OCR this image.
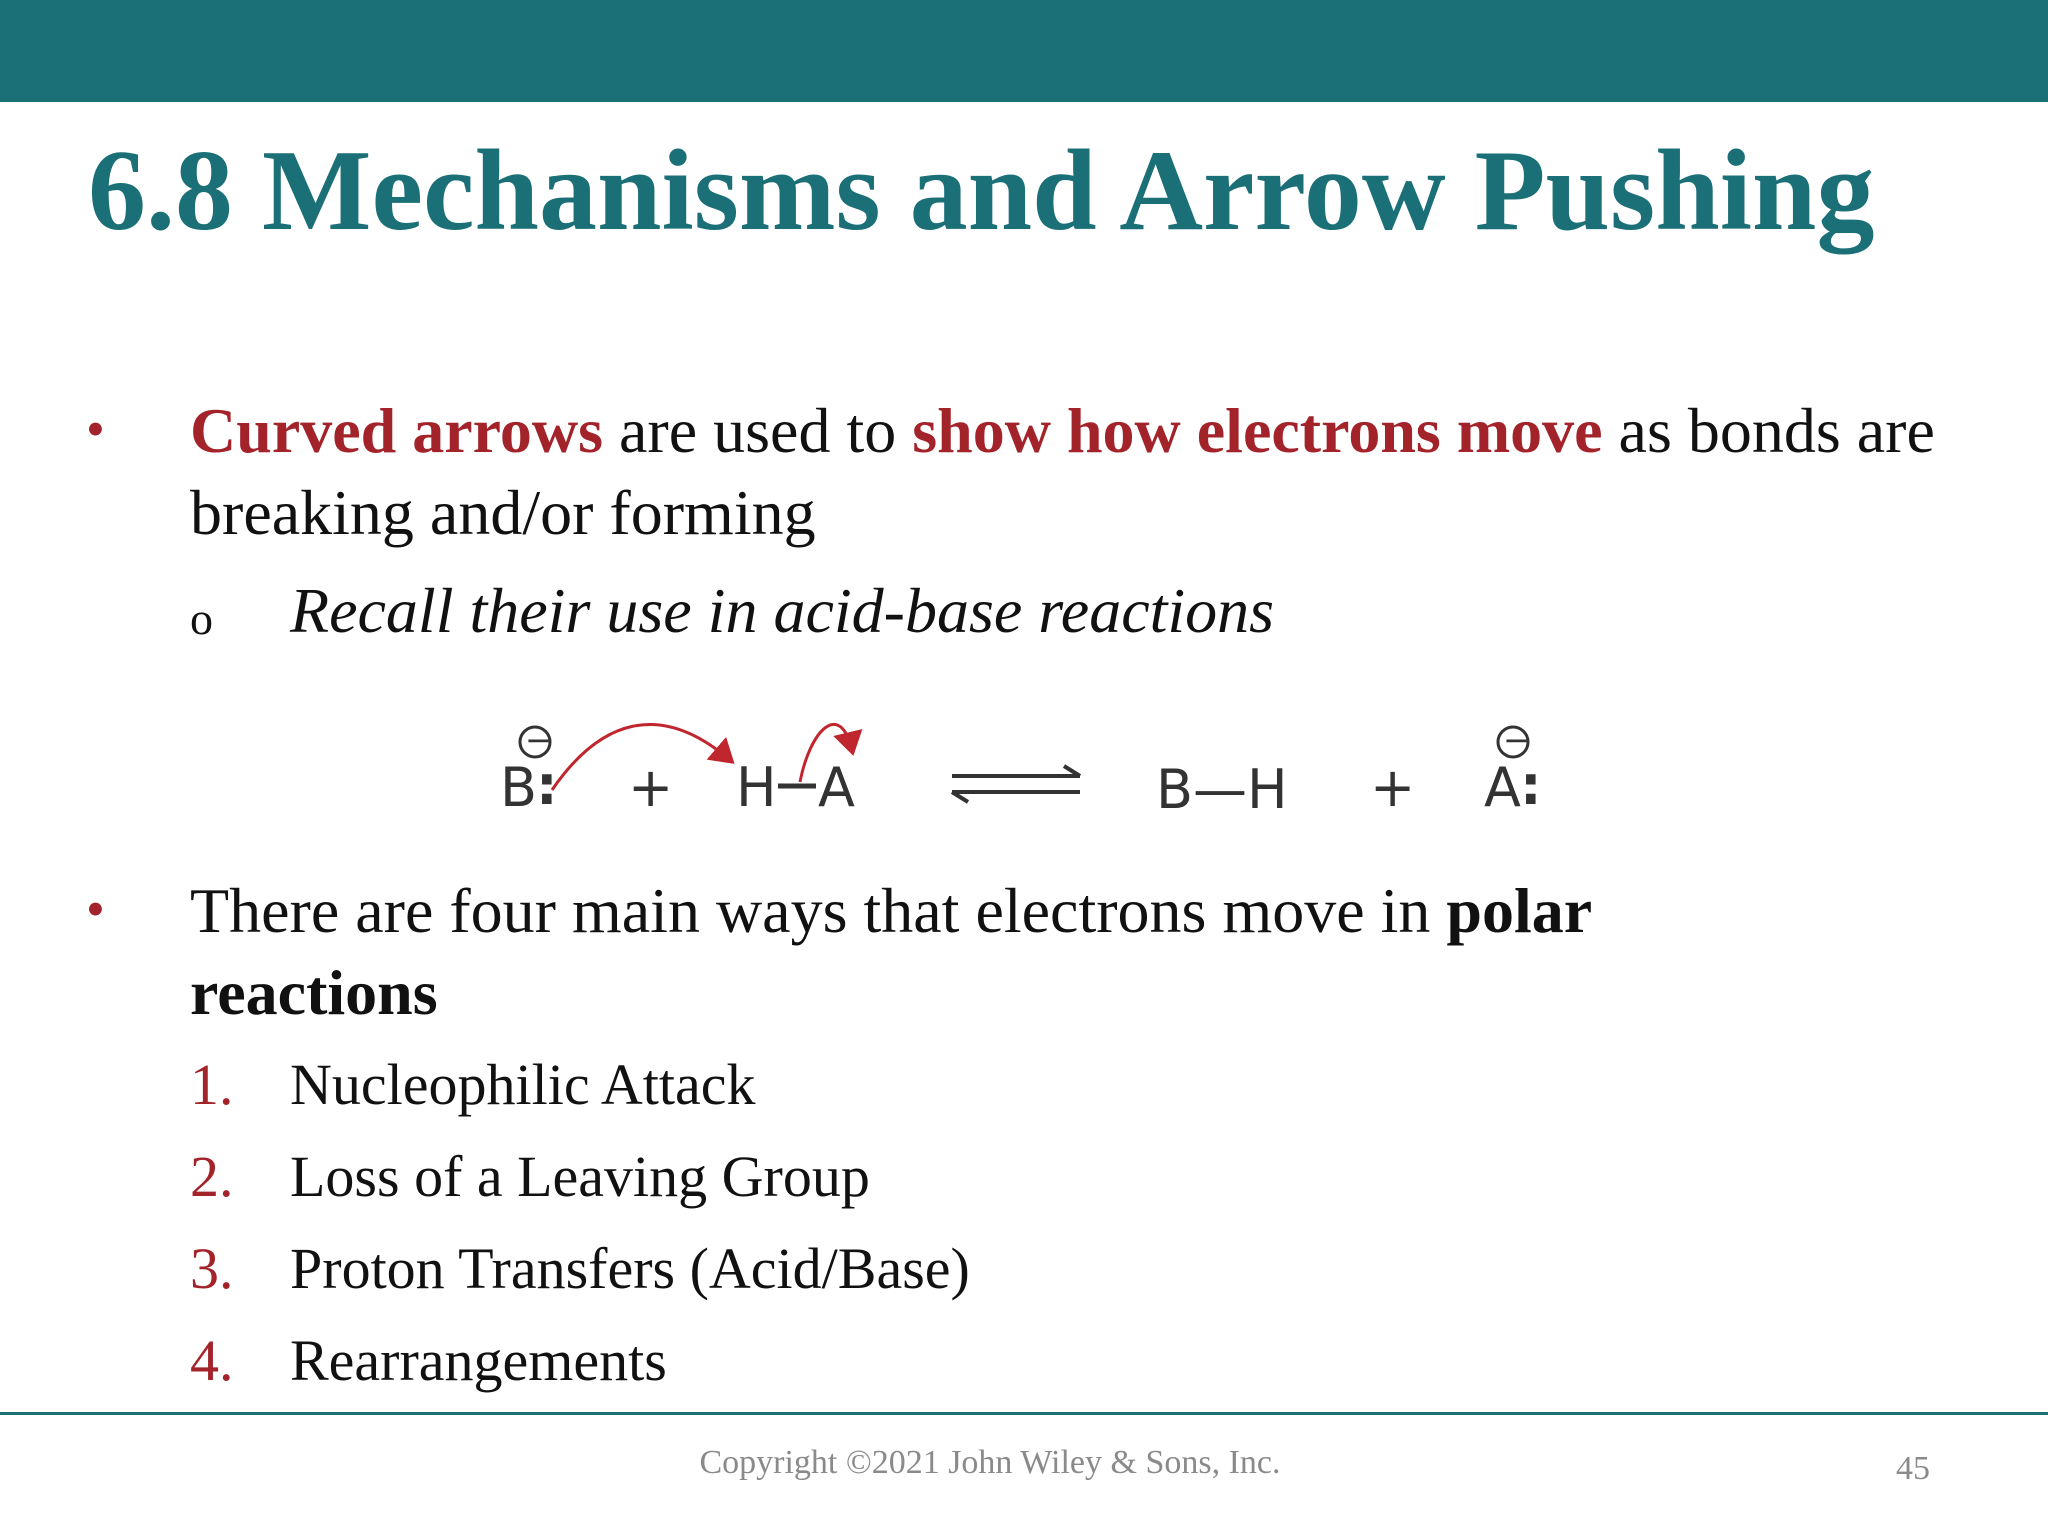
6.8 Mechanisms and Arrow Pushing
• Curved arrows are used to show how electrons move as bonds are breaking and/or forming
o Recall their use in acid-base reactions
−
B
: + H A	B—H +
−
A :
• There are four main ways that electrons move in polar reactions
1. Nucleophilic Attack
2. Loss of a Leaving Group
3. Proton Transfers (Acid/Base)
4. Rearrangements
Copyright ©2021 John Wiley & Sons, Inc.	45
